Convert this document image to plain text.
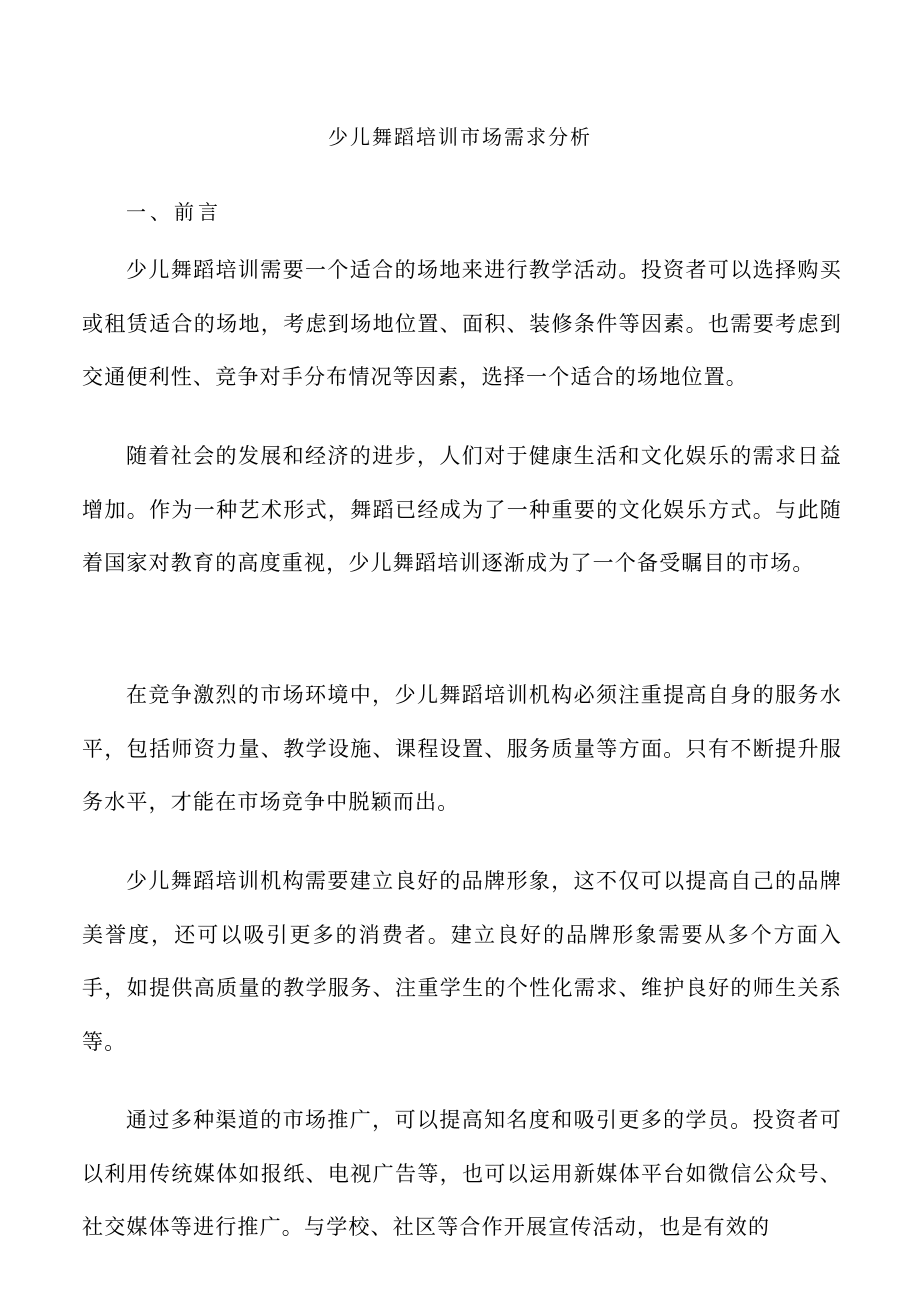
少儿舞蹈培训市场需求分析
一、前言

少儿舞蹈培训需要一个适合的场地来进行教学活动。投资者可以选择购买或租赁适合的场地，考虑到场地位置、面积、装修条件等因素。也需要考虑到交通便利性、竞争对手分布情况等因素，选择一个适合的场地位置。

随着社会的发展和经济的进步，人们对于健康生活和文化娱乐的需求日益增加。作为一种艺术形式，舞蹈已经成为了一种重要的文化娱乐方式。与此随着国家对教育的高度重视，少儿舞蹈培训逐渐成为了一个备受瞩目的市场。

在竞争激烈的市场环境中，少儿舞蹈培训机构必须注重提高自身的服务水平，包括师资力量、教学设施、课程设置、服务质量等方面。只有不断提升服务水平，才能在市场竞争中脱颖而出。

少儿舞蹈培训机构需要建立良好的品牌形象，这不仅可以提高自己的品牌美誉度，还可以吸引更多的消费者。建立良好的品牌形象需要从多个方面入手，如提供高质量的教学服务、注重学生的个性化需求、维护良好的师生关系等。

通过多种渠道的市场推广，可以提高知名度和吸引更多的学员。投资者可以利用传统媒体如报纸、电视广告等，也可以运用新媒体平台如微信公众号、社交媒体等进行推广。与学校、社区等合作开展宣传活动，也是有效的
